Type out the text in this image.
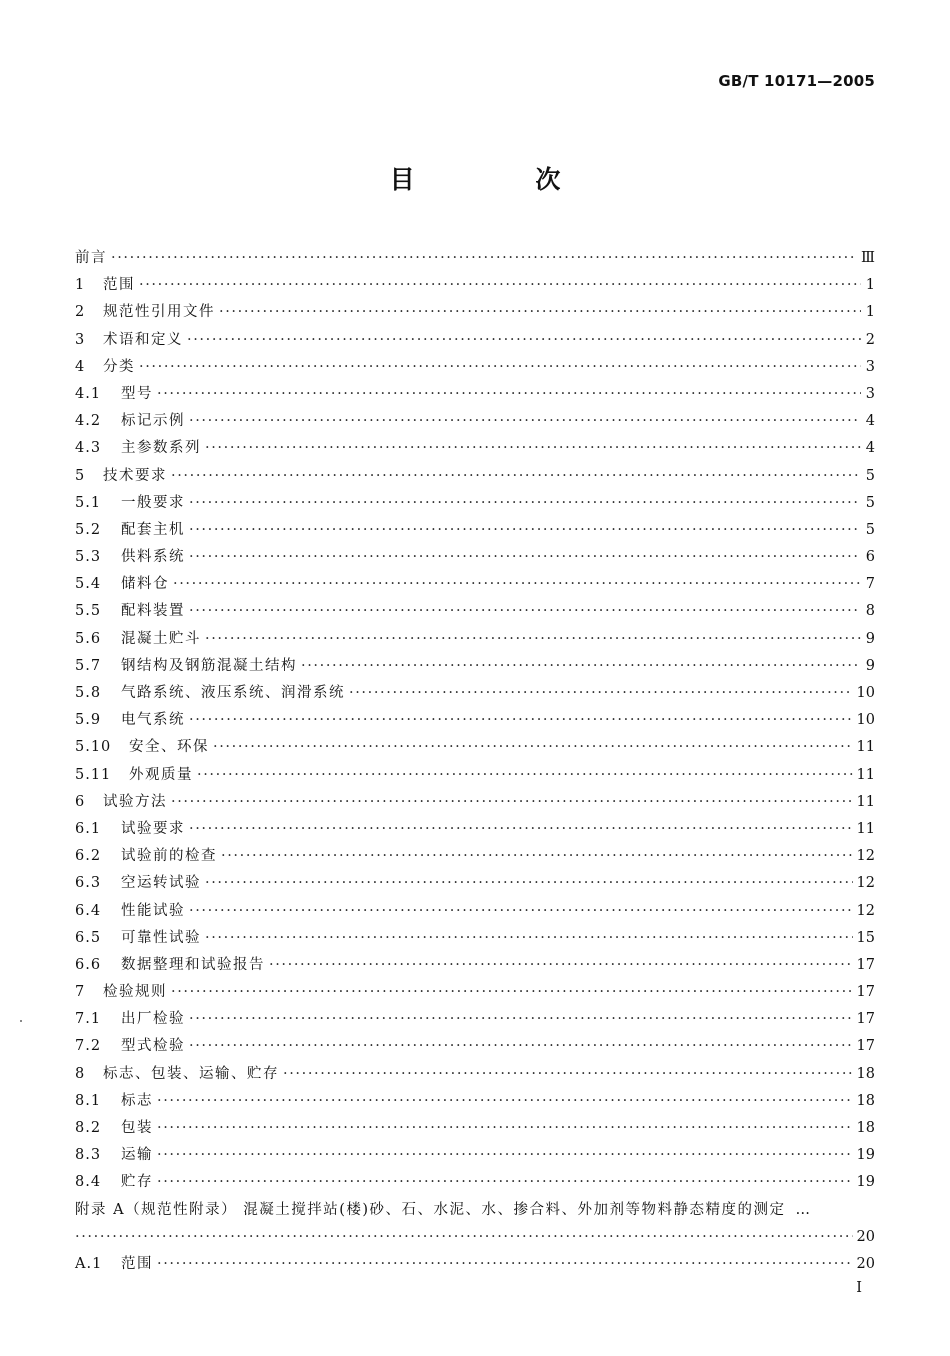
GB/T 10171—2005
目 次
前言 ·····	Ⅲ
1	范围 ·····	1
2	规范性引用文件 ·····	1
3	术语和定义 ·····	2
4	分类 ·····	3
4.1	型号 ·····	3
4.2	标记示例 ·····	4
4.3	主参数系列 ·····	4
5	技术要求 ·····	5
5.1	一般要求 ·····	5
5.2	配套主机 ·····	5
5.3	供料系统 ·····	6
5.4	储料仓 ·····	7
5.5	配料装置 ·····	8
5.6	混凝土贮斗 ·····	9
5.7	钢结构及钢筋混凝土结构 ·····	9
5.8	气路系统、液压系统、润滑系统 ·····	10
5.9	电气系统 ·····	10
5.10	安全、环保 ·····	11
5.11	外观质量 ·····	11
6	试验方法 ·····	11
6.1	试验要求 ·····	11
6.2	试验前的检查 ·····	12
6.3	空运转试验 ·····	12
6.4	性能试验 ·····	12
6.5	可靠性试验 ·····	15
6.6	数据整理和试验报告 ·····	17
7	检验规则 ·····	17
7.1	出厂检验 ·····	17
7.2	型式检验 ·····	17
8	标志、包装、运输、贮存 ·····	18
8.1	标志 ·····	18
8.2	包装 ·····	18
8.3	运输 ·····	19
8.4	贮存 ·····	19
附录 A（规范性附录） 混凝土搅拌站(楼)砂、石、水泥、水、掺合料、外加剂等物料静态精度的测定 …
·····
20
A.1	范围 ·····	20
I
